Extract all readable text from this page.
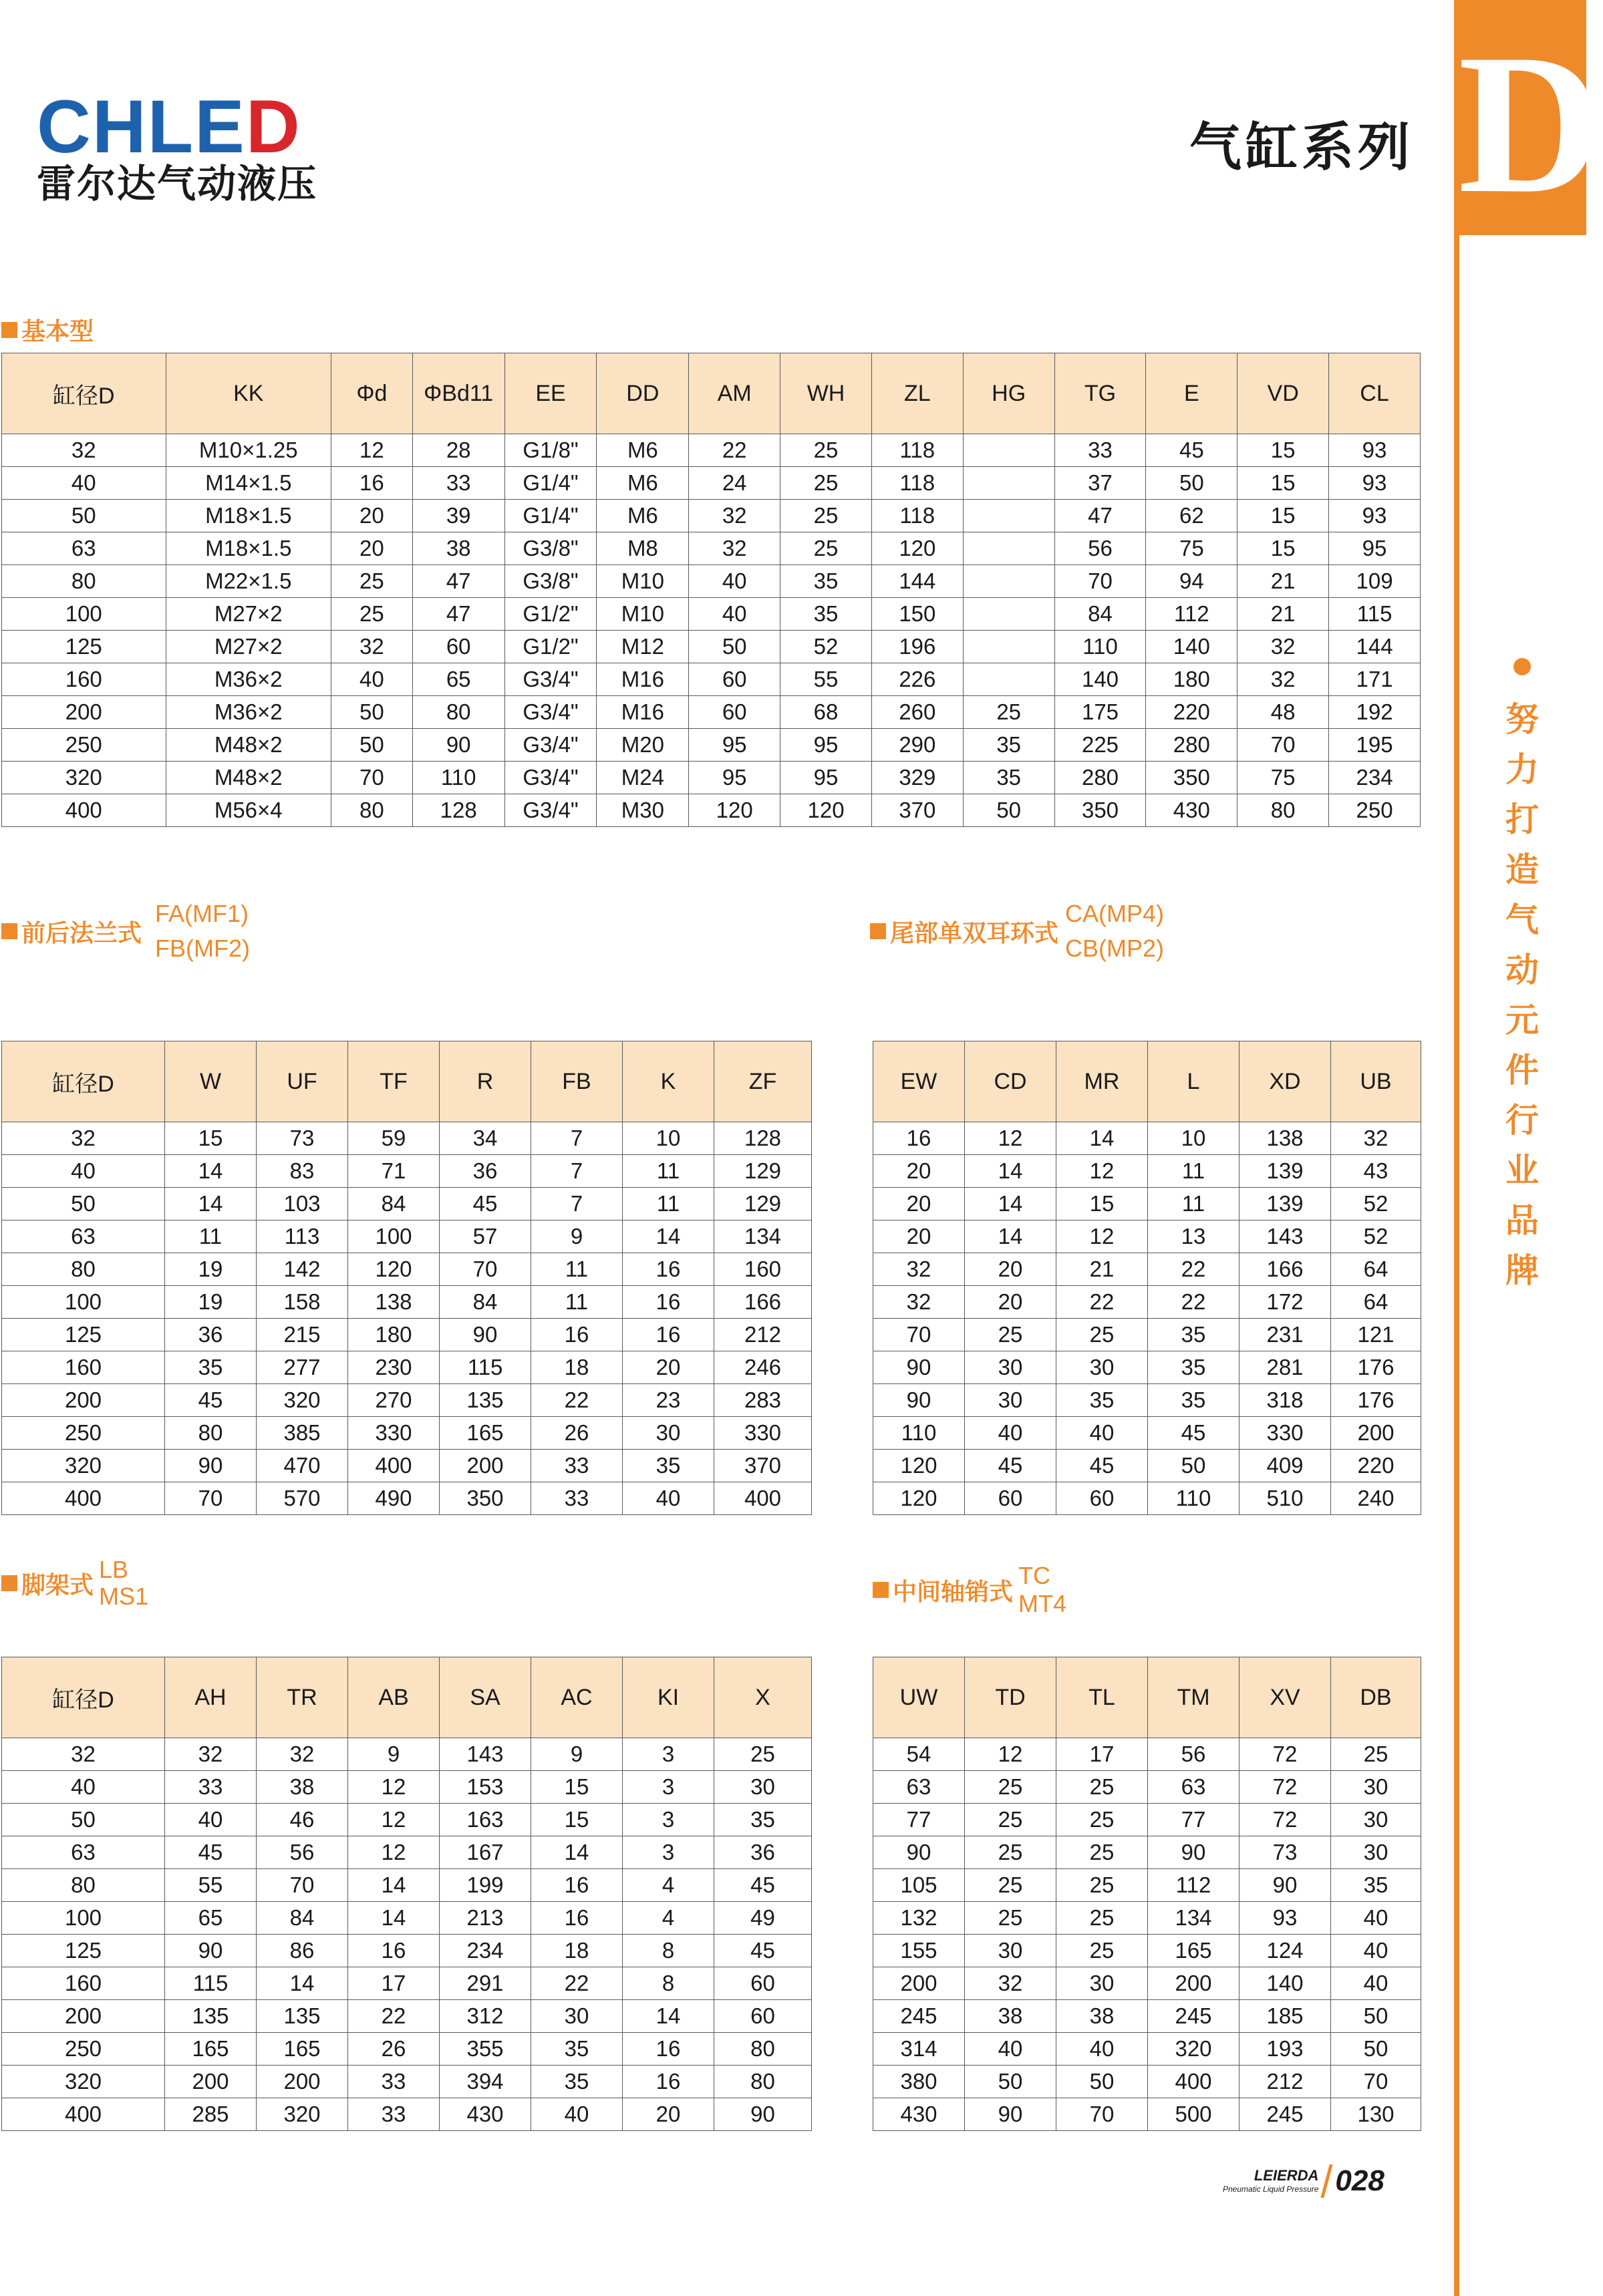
D
努
力
打
造
气
动
元
件
行
业
品
牌
CHLED
雷尔达气动液压
气缸系列
基本型
前后法兰式
FA(MF1)
FB(MF2)
尾部单双耳环式
CA(MP4)
CB(MP2)
脚架式
LB
MS1	中间轴销式
TC
MT4
缸径D	KK	Φd	ΦBd11	EE	DD	AM	WH	ZL	HG	TG	E	VD	CL
32	M10×1.25	12	28	G1/8"	M6	22	25	118		33	45	15	93
40	M14×1.5	16	33	G1/4"	M6	24	25	118		37	50	15	93
50	M18×1.5	20	39	G1/4"	M6	32	25	118		47	62	15	93
63	M18×1.5	20	38	G3/8"	M8	32	25	120		56	75	15	95
80	M22×1.5	25	47	G3/8"	M10	40	35	144		70	94	21	109
100	M27×2	25	47	G1/2"	M10	40	35	150		84	112	21	115
125	M27×2	32	60	G1/2"	M12	50	52	196		110	140	32	144
160	M36×2	40	65	G3/4"	M16	60	55	226		140	180	32	171
200	M36×2	50	80	G3/4"	M16	60	68	260	25	175	220	48	192
250	M48×2	50	90	G3/4"	M20	95	95	290	35	225	280	70	195
320	M48×2	70	110	G3/4"	M24	95	95	329	35	280	350	75	234
400	M56×4	80	128	G3/4"	M30	120	120	370	50	350	430	80	250
缸径D	W	UF	TF	R	FB	K	ZF
32	15	73	59	34	7	10	128
40	14	83	71	36	7	11	129
50	14	103	84	45	7	11	129
63	11	113	100	57	9	14	134
80	19	142	120	70	11	16	160
100	19	158	138	84	11	16	166
125	36	215	180	90	16	16	212
160	35	277	230	115	18	20	246
200	45	320	270	135	22	23	283
250	80	385	330	165	26	30	330
320	90	470	400	200	33	35	370
400	70	570	490	350	33	40	400
EW	CD	MR	L	XD	UB
16	12	14	10	138	32
20	14	12	11	139	43
20	14	15	11	139	52
20	14	12	13	143	52
32	20	21	22	166	64
32	20	22	22	172	64
70	25	25	35	231	121
90	30	30	35	281	176
90	30	35	35	318	176
110	40	40	45	330	200
120	45	45	50	409	220
120	60	60	110	510	240
缸径D	AH	TR	AB	SA	AC	KI	X
32	32	32	9	143	9	3	25
40	33	38	12	153	15	3	30
50	40	46	12	163	15	3	35
63	45	56	12	167	14	3	36
80	55	70	14	199	16	4	45
100	65	84	14	213	16	4	49
125	90	86	16	234	18	8	45
160	115	14	17	291	22	8	60
200	135	135	22	312	30	14	60
250	165	165	26	355	35	16	80
320	200	200	33	394	35	16	80
400	285	320	33	430	40	20	90
UW	TD	TL	TM	XV	DB
54	12	17	56	72	25
63	25	25	63	72	30
77	25	25	77	72	30
90	25	25	90	73	30
105	25	25	112	90	35
132	25	25	134	93	40
155	30	25	165	124	40
200	32	30	200	140	40
245	38	38	245	185	50
314	40	40	320	193	50
380	50	50	400	212	70
430	90	70	500	245	130
LEIERDA
Pneumatic Liquid Pressure 028
